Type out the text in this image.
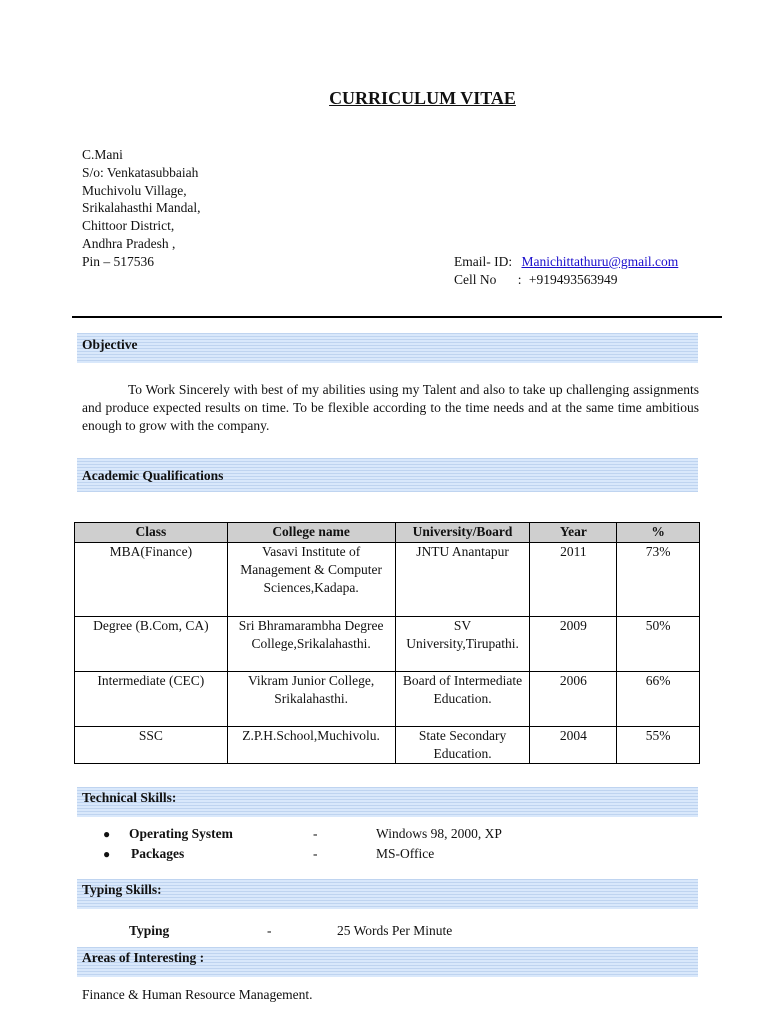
CURRICULUM VITAE
C.Mani
S/o: Venkatasubbaiah
Muchivolu Village,
Srikalahasthi Mandal,
Chittoor District,
Andhra Pradesh ,
Pin – 517536	Email- ID: Manichittathuru@gmail.com
Cell No : +919493563949
Objective
To Work Sincerely with best of my abilities using my Talent and also to take up challenging assignments and produce expected results on time. To be flexible according to the time needs and at the same time ambitious enough to grow with the company.
Academic Qualifications
Class	College name	University/Board	Year	%
MBA(Finance)	Vasavi Institute of Management & Computer Sciences,Kadapa.	JNTU Anantapur	2011	73%
Degree (B.Com, CA)	Sri Bhramarambha Degree College,Srikalahasthi.	SV University,Tirupathi.	2009	50%
Intermediate (CEC)	Vikram Junior College, Srikalahasthi.	Board of Intermediate Education.	2006	66%
SSC	Z.P.H.School,Muchivolu.	State Secondary Education.	2004	55%
Technical Skills:
● Operating System	-	Windows 98, 2000, XP
● Packages	-	MS-Office
Typing Skills:
Typing	-	25 Words Per Minute
Areas of Interesting :
Finance & Human Resource Management.
